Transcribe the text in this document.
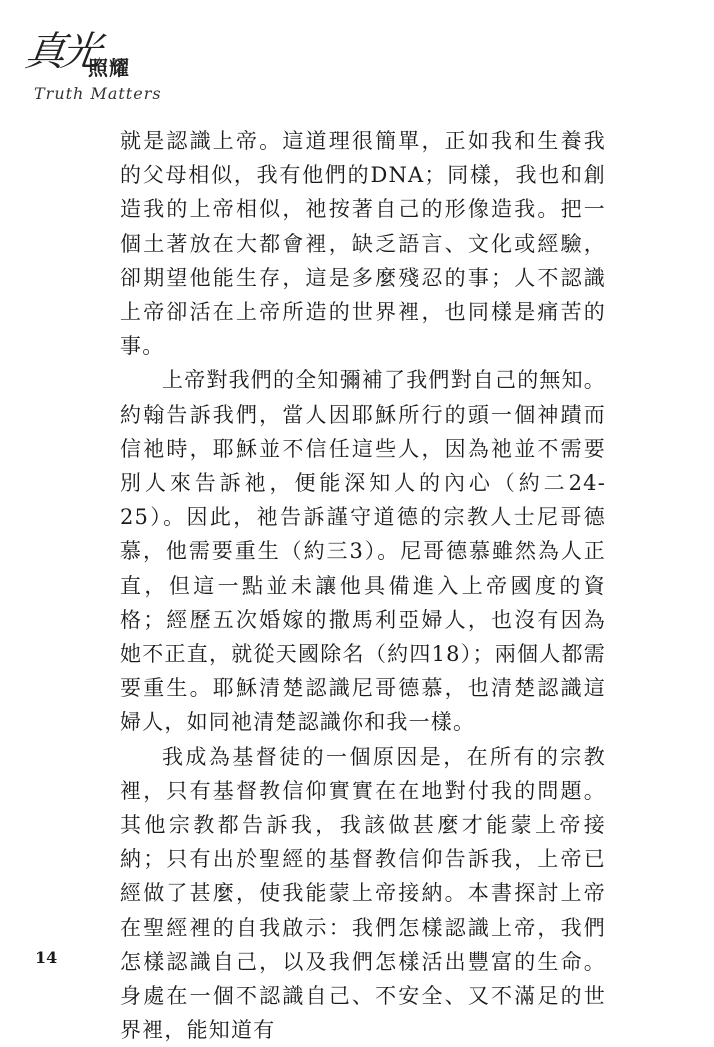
真光
照耀
Truth Matters

就是認識上帝。這道理很簡單，正如我和生養我的父母相似，我有他們的DNA；同樣，我也和創造我的上帝相似，祂按著自己的形像造我。把一個土著放在大都會裡，缺乏語言、文化或經驗，卻期望他能生存，這是多麼殘忍的事；人不認識上帝卻活在上帝所造的世界裡，也同樣是痛苦的事。

上帝對我們的全知彌補了我們對自己的無知。約翰告訴我們，當人因耶穌所行的頭一個神蹟而信祂時，耶穌並不信任這些人，因為祂並不需要別人來告訴祂，便能深知人的內心（約二24-25）。因此，祂告訴謹守道德的宗教人士尼哥德慕，他需要重生（約三3）。尼哥德慕雖然為人正直，但這一點並未讓他具備進入上帝國度的資格；經歷五次婚嫁的撒馬利亞婦人，也沒有因為她不正直，就從天國除名（約四18）；兩個人都需要重生。耶穌清楚認識尼哥德慕，也清楚認識這婦人，如同祂清楚認識你和我一樣。

我成為基督徒的一個原因是，在所有的宗教裡，只有基督教信仰實實在在地對付我的問題。其他宗教都告訴我，我該做甚麼才能蒙上帝接納；只有出於聖經的基督教信仰告訴我，上帝已經做了甚麼，使我能蒙上帝接納。本書探討上帝在聖經裡的自我啟示：我們怎樣認識上帝，我們怎樣認識自己，以及我們怎樣活出豐富的生命。身處在一個不認識自己、不安全、又不滿足的世界裡，能知道有

14
